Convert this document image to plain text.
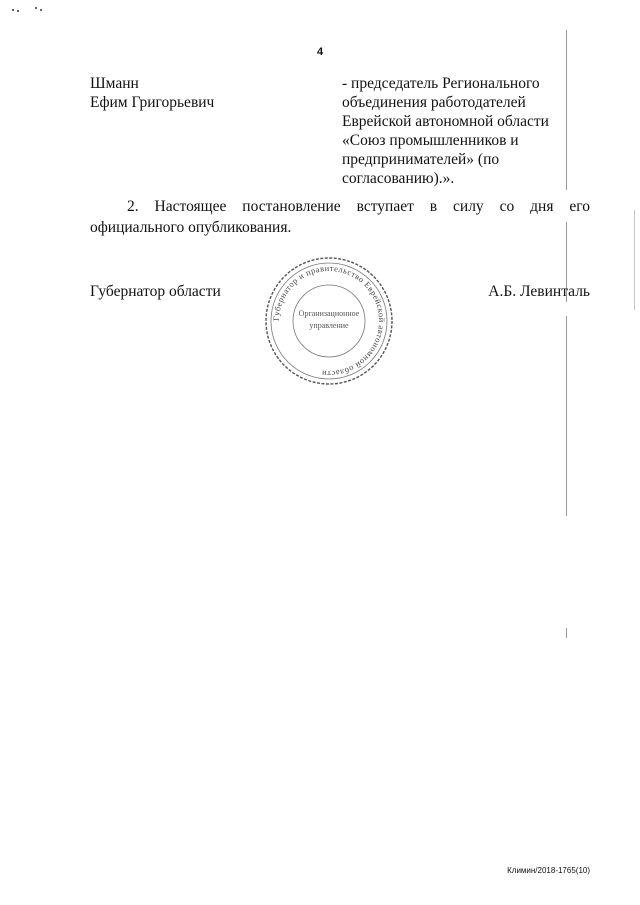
4
Шманн
Ефим Григорьевич
- председатель Регионального
объединения работодателей
Еврейской автономной области
«Союз промышленников и
предпринимателей» (по
согласованию).».
2. Настоящее постановление вступает в силу со дня его официального опубликования.
Губернатор области	А.Б. Левинталь
Губернатор и правительство Еврейской автономной области
Организационное
управление
Климин/2018-1765(10)
